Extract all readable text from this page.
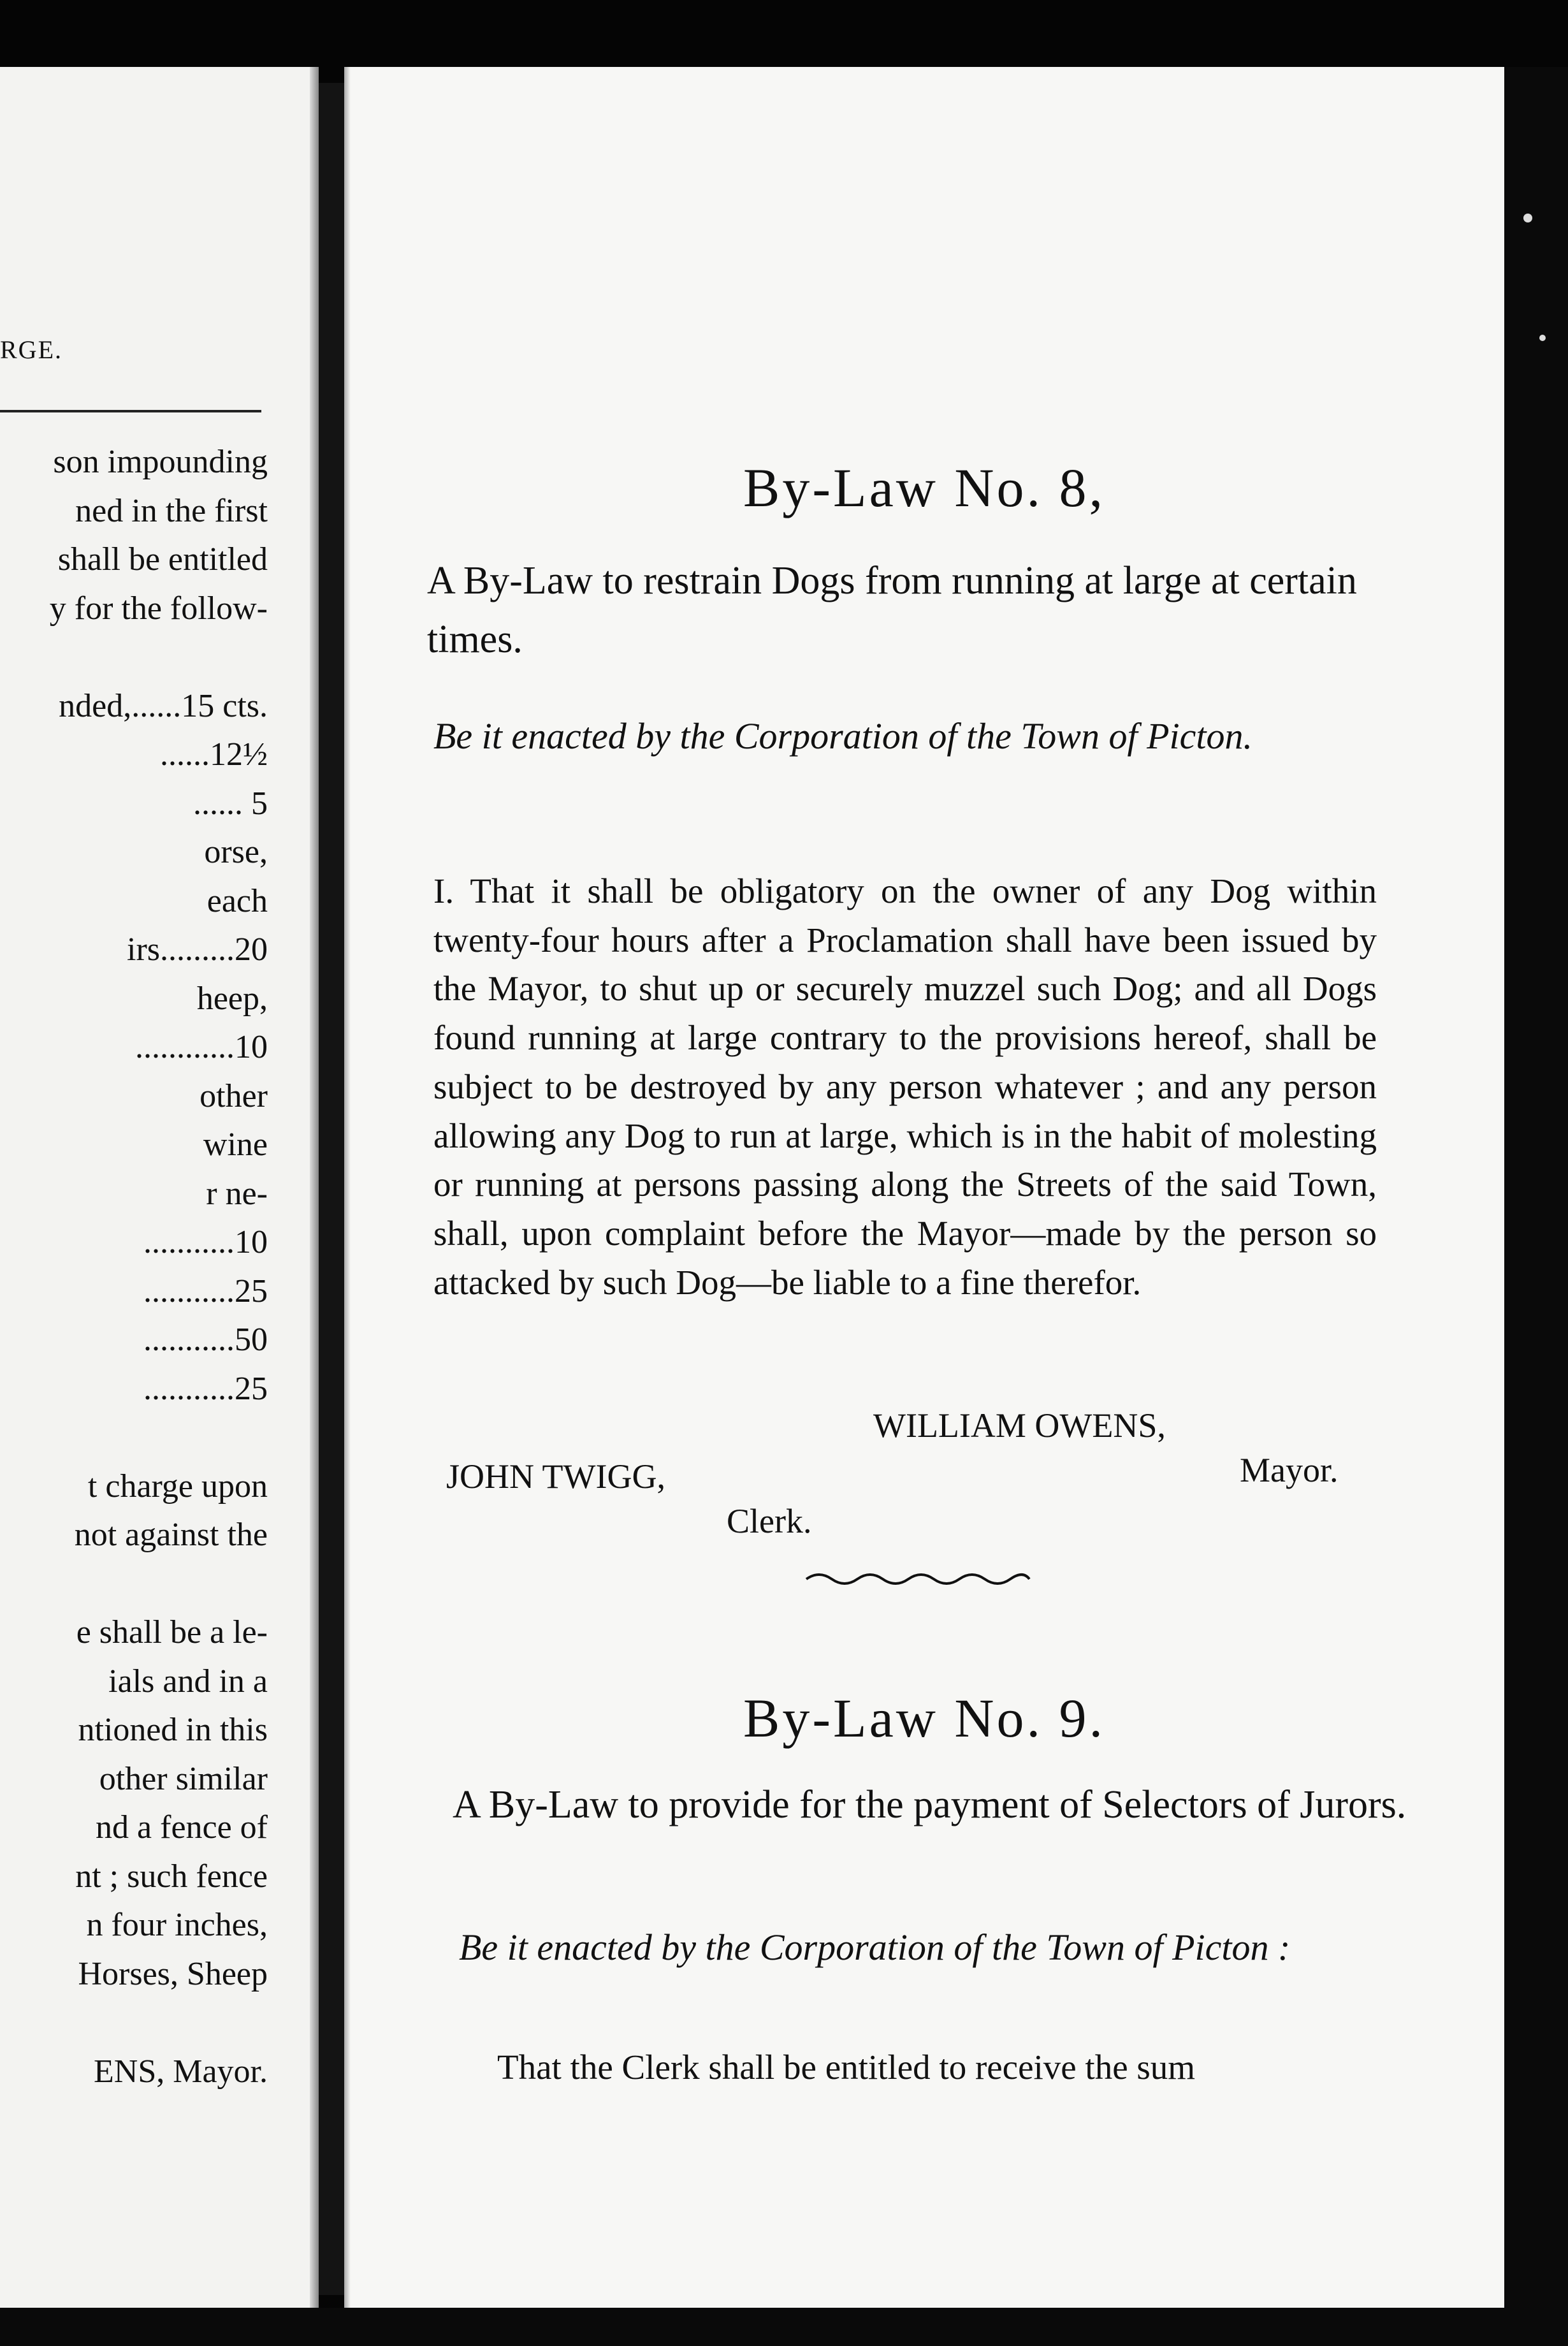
RGE.
son impounding
ned in the first
shall be entitled
y for the follow-
nded,......15 cts.
......12½
...... 5
orse,
each
irs.........20
heep,
............10
other
wine
r ne-
...........10
...........25
...........50
...........25
t charge upon
not against the
e shall be a le-
ials and in a
ntioned in this
other similar
nd a fence of
nt ; such fence
n four inches,
Horses, Sheep
ENS, Mayor.
By-Law No. 8,
A By-Law to restrain Dogs from running at large at certain times.
Be it enacted by the Corporation of the Town of Picton.
I. That it shall be obligatory on the owner of any Dog within twenty-four hours after a Proclamation shall have been issued by the Mayor, to shut up or securely muzzel such Dog; and all Dogs found running at large contrary to the provisions hereof, shall be subject to be destroyed by any person whatever ; and any person allowing any Dog to run at large, which is in the habit of molesting or running at persons passing along the Streets of the said Town, shall, upon complaint before the Mayor—made by the person so attacked by such Dog—be liable to a fine therefor.
WILLIAM OWENS,
Mayor.
JOHN TWIGG,
Clerk.
By-Law No. 9.
A By-Law to provide for the payment of Selectors of Jurors.
Be it enacted by the Corporation of the Town of Picton :
That the Clerk shall be entitled to receive the sum
